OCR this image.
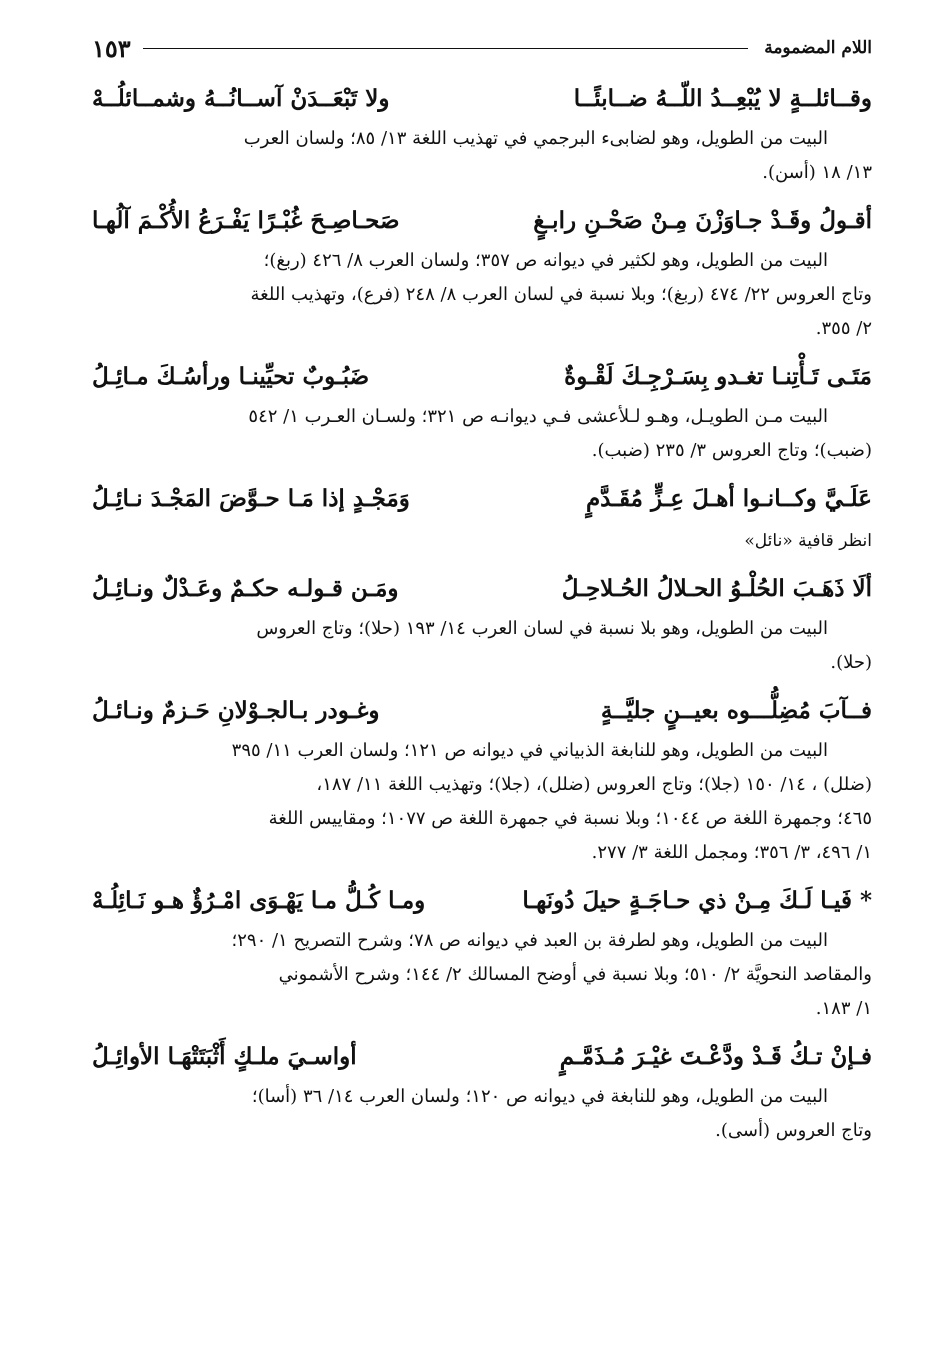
اللام المضمومة
١٥٣
وقــائلــةٍ لا يُبْعِــدُ اللّــهُ ضــابئًــا
ولا تَبْعَــدَنْ آســانُــهُ وشمــائلُــهْ
البيت من الطويل، وهو لضابىء البرجمي في تهذيب اللغة ١٣/ ٨٥؛ ولسان العرب
١٣/ ١٨ (أسن).
أقـولُ وقَـدْ جـاوَزْنَ مِـنْ صَحْـنِ رابـغٍ
صَحـاصِـحَ غُبْـرًا يَفْـرَعُ الأُكْـمَ آلُهـا
البيت من الطويل، وهو لكثير في ديوانه ص ٣٥٧؛ ولسان العرب ٨/ ٤٢٦ (ربغ)؛
وتاج العروس ٢٢/ ٤٧٤ (ربغ)؛ وبلا نسبة في لسان العرب ٨/ ٢٤٨ (فرع)، وتهذيب اللغة
٢/ ٣٥٥.
مَتَـى تَـأْتِنـا تغـدو بِسَـرْجِـكَ لَقْـوةٌ
ضَبُـوبٌ تحيِّينـا ورأسُـكَ مـائِـلُ
البيت مـن الطويـل، وهـو لـلأعشى فـي ديوانـه ص ٣٢١؛ ولسـان العـرب ١/ ٥٤٢
(ضبب)؛ وتاج العروس ٣/ ٢٣٥ (ضبب).
عَلَـيَّ وكــانـوا أهـلَ عِـزٍّ مُقَـدَّمٍ
وَمَجْـدٍ إذا مَـا حـوَّضَ المَجْـدَ نـائِـلُ
انظر قافية «نائل»
ألَا ذَهَـبَ الحُلْـوُ الحـلالُ الحُـلاحِـلُ
ومَـن قـولـه حكـمٌ وعَـدْلٌ ونـائِـلُ
البيت من الطويل، وهو بلا نسبة في لسان العرب ١٤/ ١٩٣ (حلا)؛ وتاج العروس
(حلا).
فــآبَ مُضِلُّـــوه بعيــنٍ جليَّــةٍ
وغـودر بـالجـوْلانِ حَـزمٌ ونـائـلُ
البيت من الطويل، وهو للنابغة الذبياني في ديوانه ص ١٢١؛ ولسان العرب ١١/ ٣٩٥
(ضلل) ، ١٤/ ١٥٠ (جلا)؛ وتاج العروس (ضلل)، (جلا)؛ وتهذيب اللغة ١١/ ١٨٧،
٤٦٥؛ وجمهرة اللغة ص ١٠٤٤؛ وبلا نسبة في جمهرة اللغة ص ١٠٧٧؛ ومقاييس اللغة
١/ ٤٩٦، ٣/ ٣٥٦؛ ومجمل اللغة ٣/ ٢٧٧.
* فَيـا لَـكَ مِـنْ ذي حـاجَـةٍ حيلَ دُونَهـا
ومـا كُـلُّ مـا يَهْـوَى امْـرُؤٌ هـو نَـائِلُـهْ
البيت من الطويل، وهو لطرفة بن العبد في ديوانه ص ٧٨؛ وشرح التصريح ١/ ٢٩٠؛
والمقاصد النحويَّة ٢/ ٥١٠؛ وبلا نسبة في أوضح المسالك ٢/ ١٤٤؛ وشرح الأشموني
١/ ١٨٣.
فـإنْ تـكُ قَـدْ ودَّعْـتَ غيْـرَ مُـذَمَّـمٍ
أواسـيَ ملـكٍ أَثْبَتَتْهَـا الأوائِـلُ
البيت من الطويل، وهو للنابغة في ديوانه ص ١٢٠؛ ولسان العرب ١٤/ ٣٦ (أسا)؛
وتاج العروس (أسى).
